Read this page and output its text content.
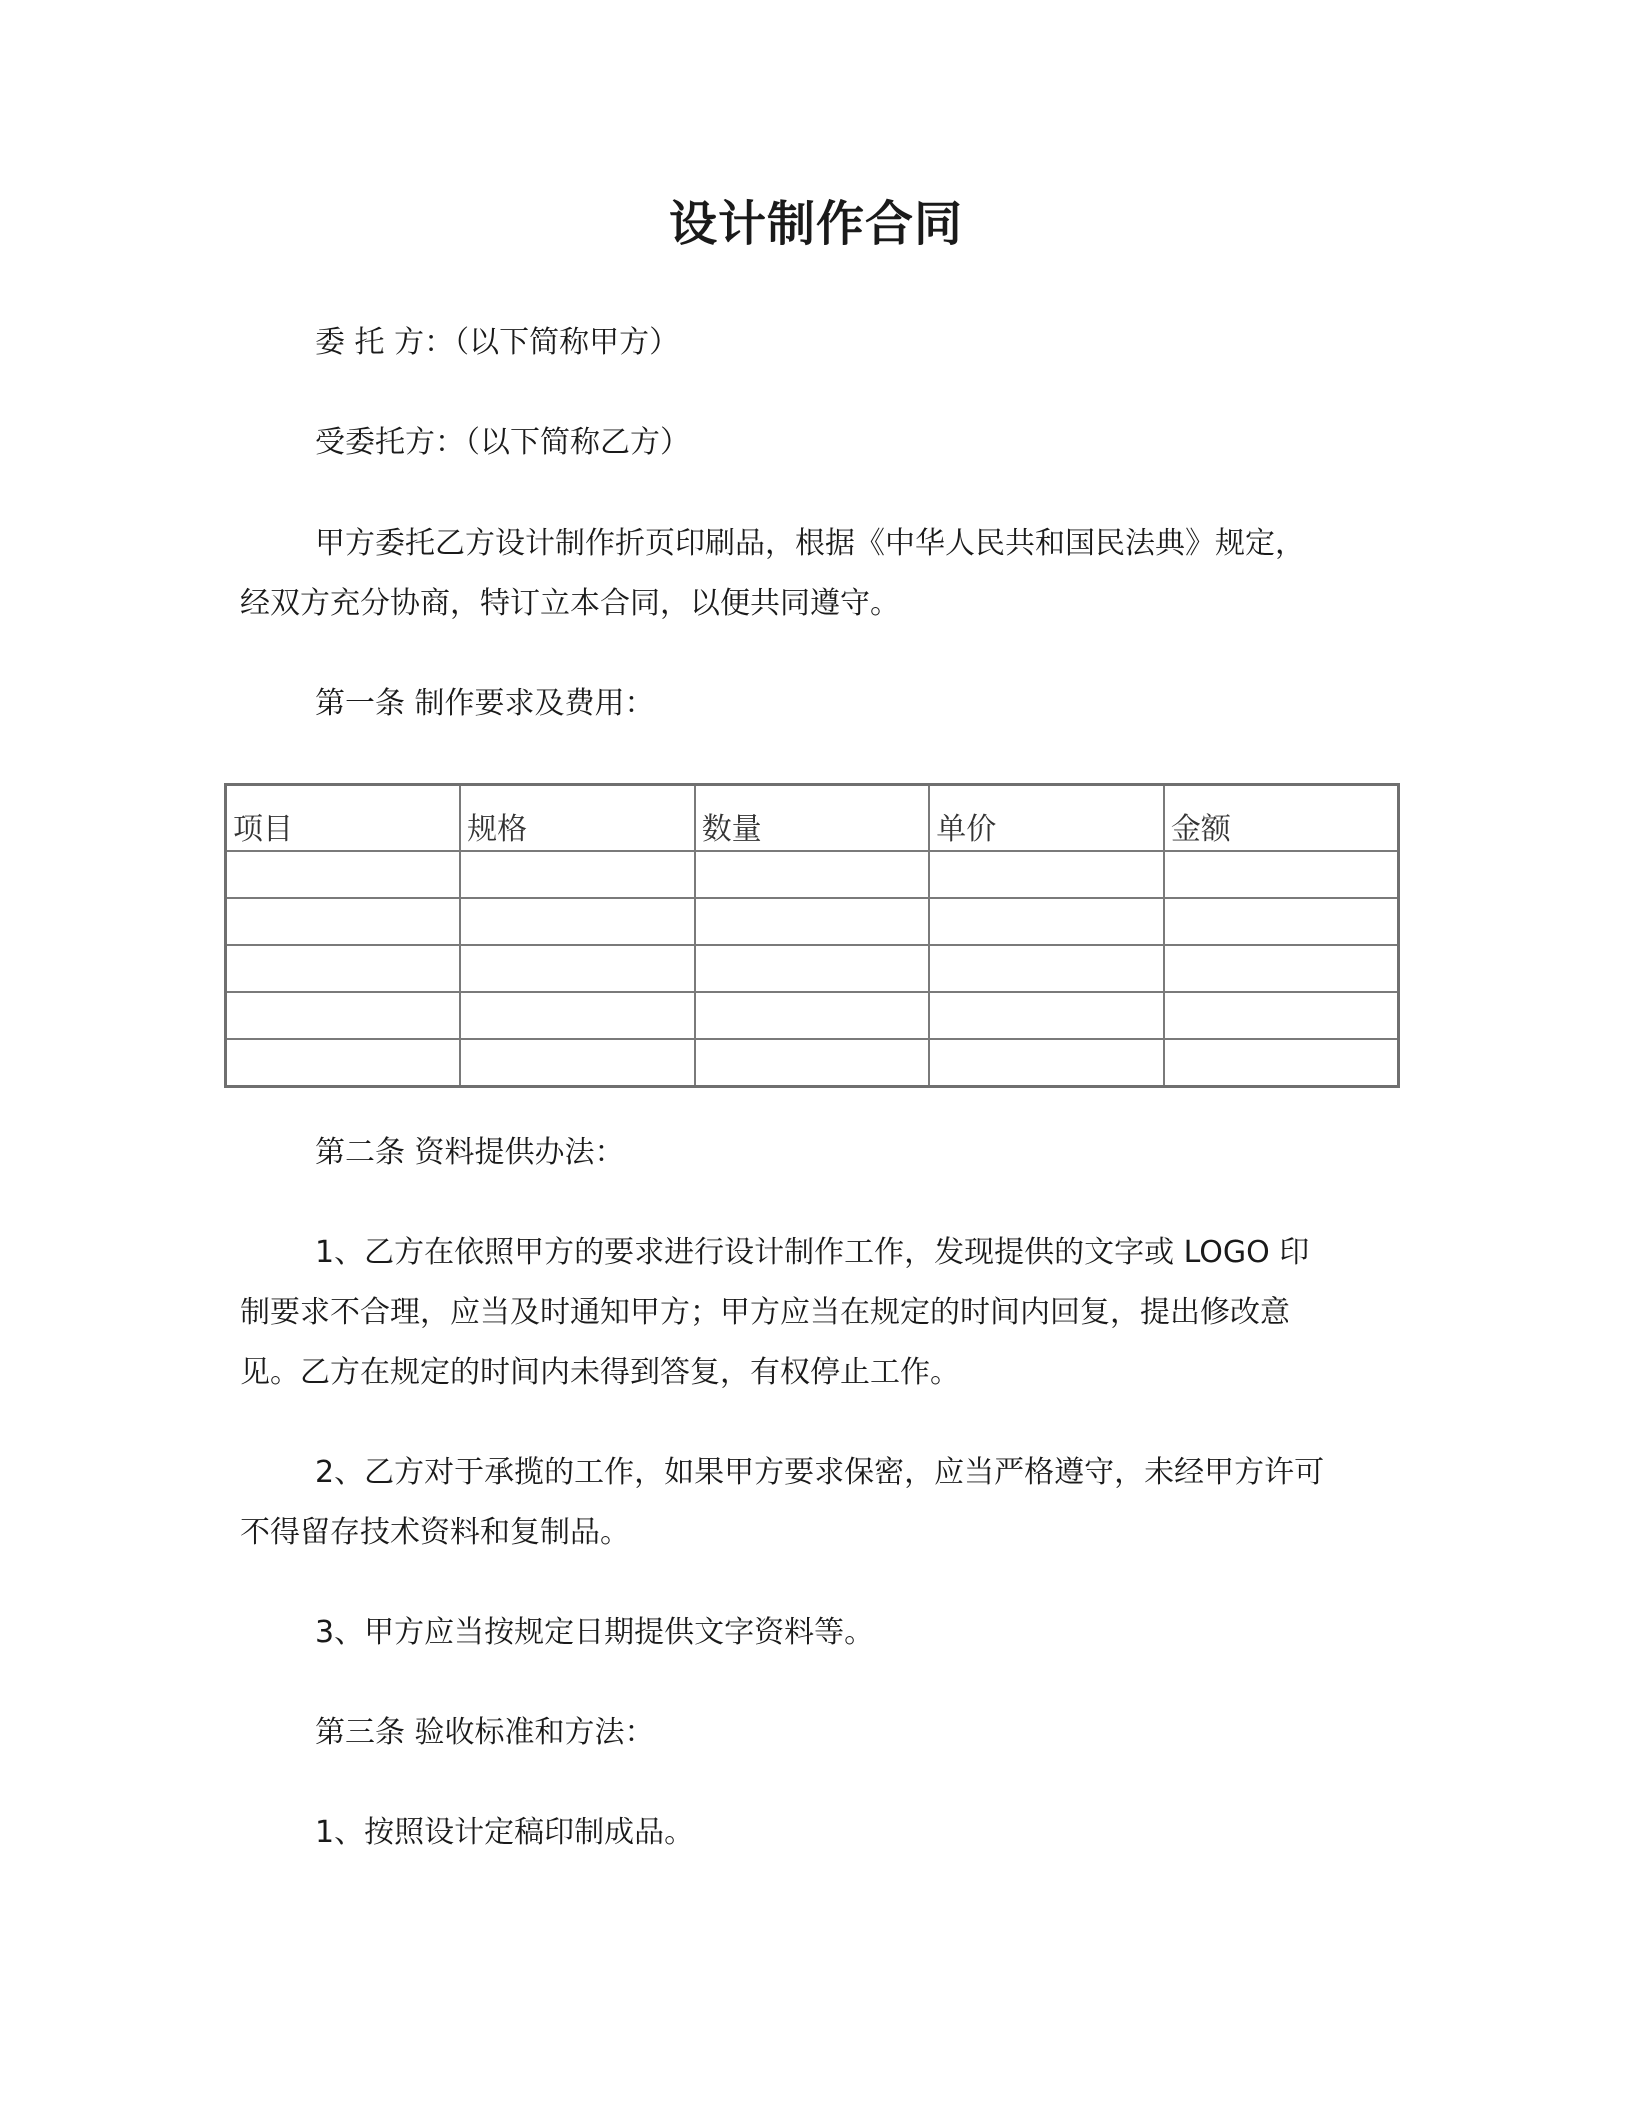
设计制作合同
委 托 方：（以下简称甲方）
受委托方：（以下简称乙方）
甲方委托乙方设计制作折页印刷品，根据《中华人民共和国民法典》规定，
经双方充分协商，特订立本合同，以便共同遵守。
第一条 制作要求及费用：
项目	规格	数量	单价	金额

第二条 资料提供办法：
1、乙方在依照甲方的要求进行设计制作工作，发现提供的文字或 LOGO 印
制要求不合理，应当及时通知甲方；甲方应当在规定的时间内回复，提出修改意
见。乙方在规定的时间内未得到答复，有权停止工作。
2、乙方对于承揽的工作，如果甲方要求保密，应当严格遵守，未经甲方许可
不得留存技术资料和复制品。
3、甲方应当按规定日期提供文字资料等。
第三条 验收标准和方法：
1、按照设计定稿印制成品。
